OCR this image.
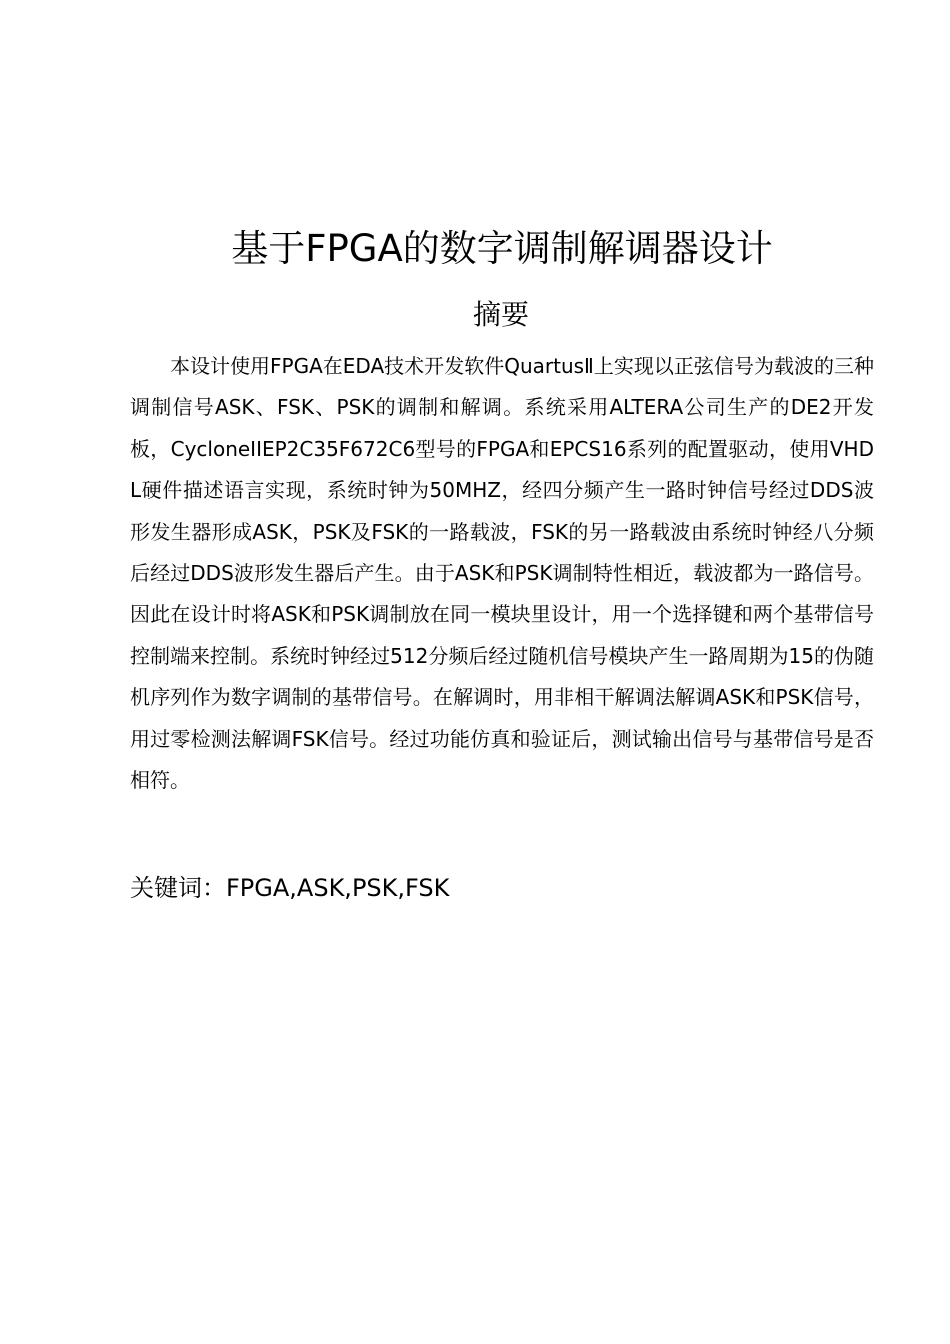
基于FPGA的数字调制解调器设计
摘要

本设计使用FPGA在EDA技术开发软件QuartusⅡ上实现以正弦信号为载波的三种调制信号ASK、FSK、PSK的调制和解调。系统采用ALTERA公司生产的DE2开发板，CycloneIIEP2C35F672C6型号的FPGA和EPCS16系列的配置驱动，使用VHDL硬件描述语言实现，系统时钟为50MHZ，经四分频产生一路时钟信号经过DDS波形发生器形成ASK，PSK及FSK的一路载波，FSK的另一路载波由系统时钟经八分频后经过DDS波形发生器后产生。由于ASK和PSK调制特性相近，载波都为一路信号。因此在设计时将ASK和PSK调制放在同一模块里设计，用一个选择键和两个基带信号控制端来控制。系统时钟经过512分频后经过随机信号模块产生一路周期为15的伪随机序列作为数字调制的基带信号。在解调时，用非相干解调法解调ASK和PSK信号，用过零检测法解调FSK信号。经过功能仿真和验证后，测试输出信号与基带信号是否相符。

关键词：FPGA,ASK,PSK,FSK
